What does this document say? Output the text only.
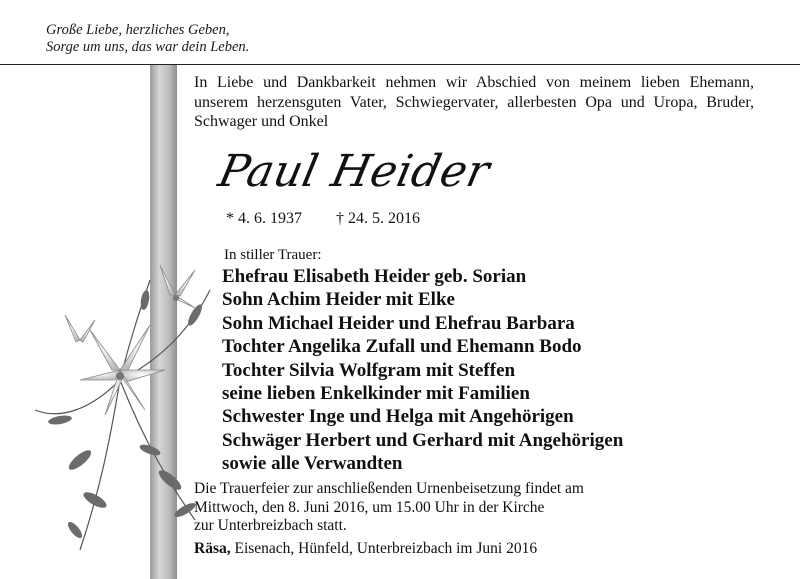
Große Liebe, herzliches Geben,
Sorge um uns, das war dein Leben.
In Liebe und Dankbarkeit nehmen wir Abschied von meinem lieben Ehemann, unserem herzensguten Vater, Schwiegervater, allerbesten Opa und Uropa, Bruder, Schwager und Onkel
Paul Heider
* 4. 6. 1937 † 24. 5. 2016
In stiller Trauer:
Ehefrau Elisabeth Heider geb. Sorian
Sohn Achim Heider mit Elke
Sohn Michael Heider und Ehefrau Barbara
Tochter Angelika Zufall und Ehemann Bodo
Tochter Silvia Wolfgram mit Steffen
seine lieben Enkelkinder mit Familien
Schwester Inge und Helga mit Angehörigen
Schwäger Herbert und Gerhard mit Angehörigen
sowie alle Verwandten
Die Trauerfeier zur anschließenden Urnenbeisetzung findet am
Mittwoch, den 8. Juni 2016, um 15.00 Uhr in der Kirche
zur Unterbreizbach statt.
Räsa, Eisenach, Hünfeld, Unterbreizbach im Juni 2016
